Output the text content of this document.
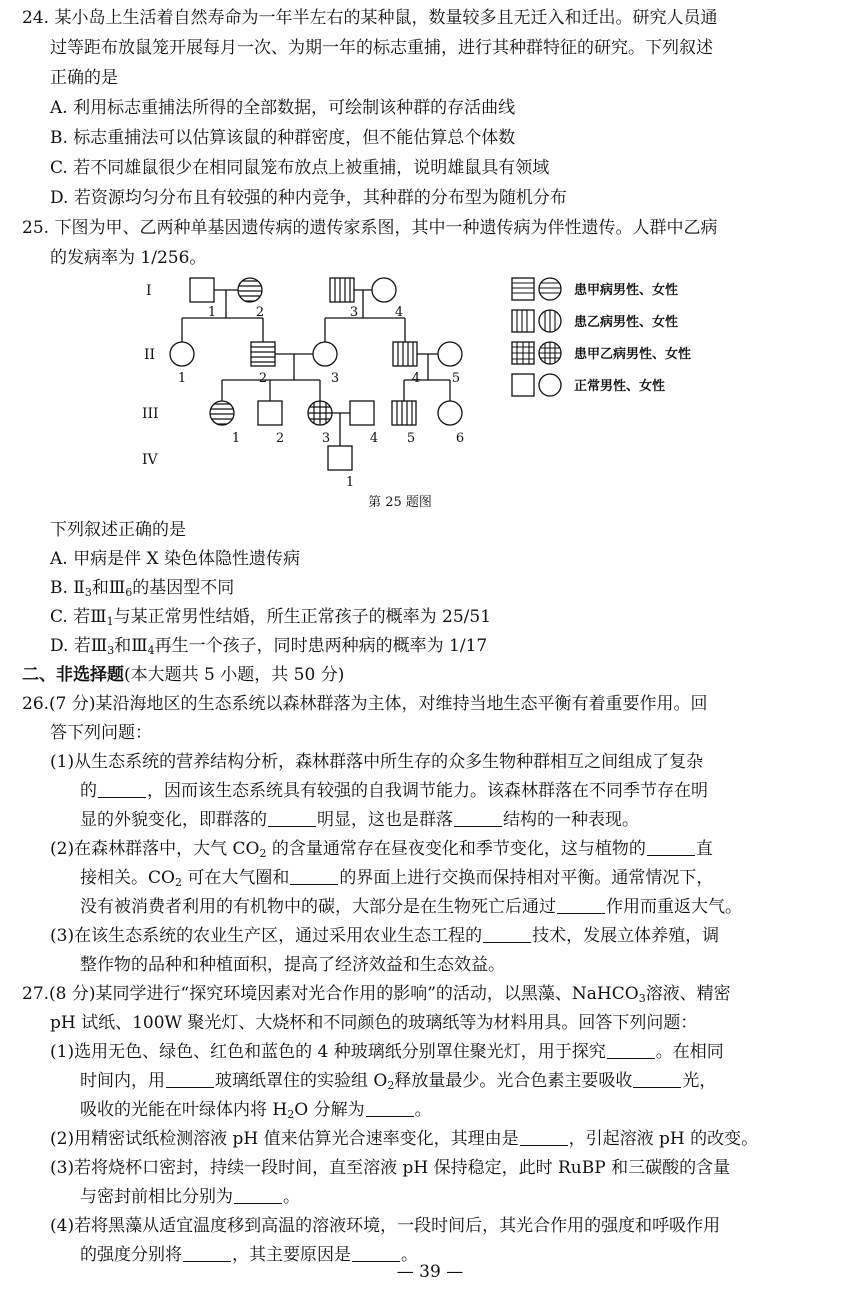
24. 某小岛上生活着自然寿命为一年半左右的某种鼠，数量较多且无迁入和迁出。研究人员通
过等距布放鼠笼开展每月一次、为期一年的标志重捕，进行其种群特征的研究。下列叙述
正确的是
A. 利用标志重捕法所得的全部数据，可绘制该种群的存活曲线
B. 标志重捕法可以估算该鼠的种群密度，但不能估算总个体数
C. 若不同雄鼠很少在相同鼠笼布放点上被重捕，说明雄鼠具有领域
D. 若资源均匀分布且有较强的种内竞争，其种群的分布型为随机分布
25. 下图为甲、乙两种单基因遗传病的遗传家系图，其中一种遗传病为伴性遗传。人群中乙病
的发病率为 1/256。
I
II
III
IV
1	2	3	4
1	2	3	4 5
1	2	3	4 5	6
1
患甲病男性、女性
患乙病男性、女性
患甲乙病男性、女性
正常男性、女性
第 25 题图
下列叙述正确的是
A. 甲病是伴 X 染色体隐性遗传病
B. $Ⅱ_3$和$Ⅲ_6$的基因型不同
C. 若$Ⅲ_1$与某正常男性结婚，所生正常孩子的概率为 25/51
D. 若$Ⅲ_3$和$Ⅲ_4$再生一个孩子，同时患两种病的概率为 1/17
二、非选择题(本大题共 5 小题，共 50 分)
26.(7 分)某沿海地区的生态系统以森林群落为主体，对维持当地生态平衡有着重要作用。回
答下列问题：
(1)从生态系统的营养结构分析，森林群落中所生存的众多生物种群相互之间组成了复杂
的	，因而该生态系统具有较强的自我调节能力。该森林群落在不同季节存在明
显的外貌变化，即群落的	明显，这也是群落	结构的一种表现。
(2)在森林群落中，大气 $CO_2$ 的含量通常存在昼夜变化和季节变化，这与植物的	直
接相关。$CO_2$ 可在大气圈和	的界面上进行交换而保持相对平衡。通常情况下，
没有被消费者利用的有机物中的碳，大部分是在生物死亡后通过	作用而重返大气。
(3)在该生态系统的农业生产区，通过采用农业生态工程的	技术，发展立体养殖，调
整作物的品种和种植面积，提高了经济效益和生态效益。
27.(8 分)某同学进行“探究环境因素对光合作用的影响”的活动，以黑藻、NaHCO$_3$溶液、精密
pH 试纸、100W 聚光灯、大烧杯和不同颜色的玻璃纸等为材料用具。回答下列问题：
(1)选用无色、绿色、红色和蓝色的 4 种玻璃纸分别罩住聚光灯，用于探究	。在相同
时间内，用	玻璃纸罩住的实验组 $O_2$释放量最少。光合色素主要吸收	光，
吸收的光能在叶绿体内将 $H_2O$ 分解为	。
(2)用精密试纸检测溶液 pH 值来估算光合速率变化，其理由是	，引起溶液 pH 的改变。
(3)若将烧杯口密封，持续一段时间，直至溶液 pH 保持稳定，此时 RuBP 和三碳酸的含量
与密封前相比分别为	。
(4)若将黑藻从适宜温度移到高温的溶液环境，一段时间后，其光合作用的强度和呼吸作用
的强度分别将	，其主要原因是	。
— 39 —
